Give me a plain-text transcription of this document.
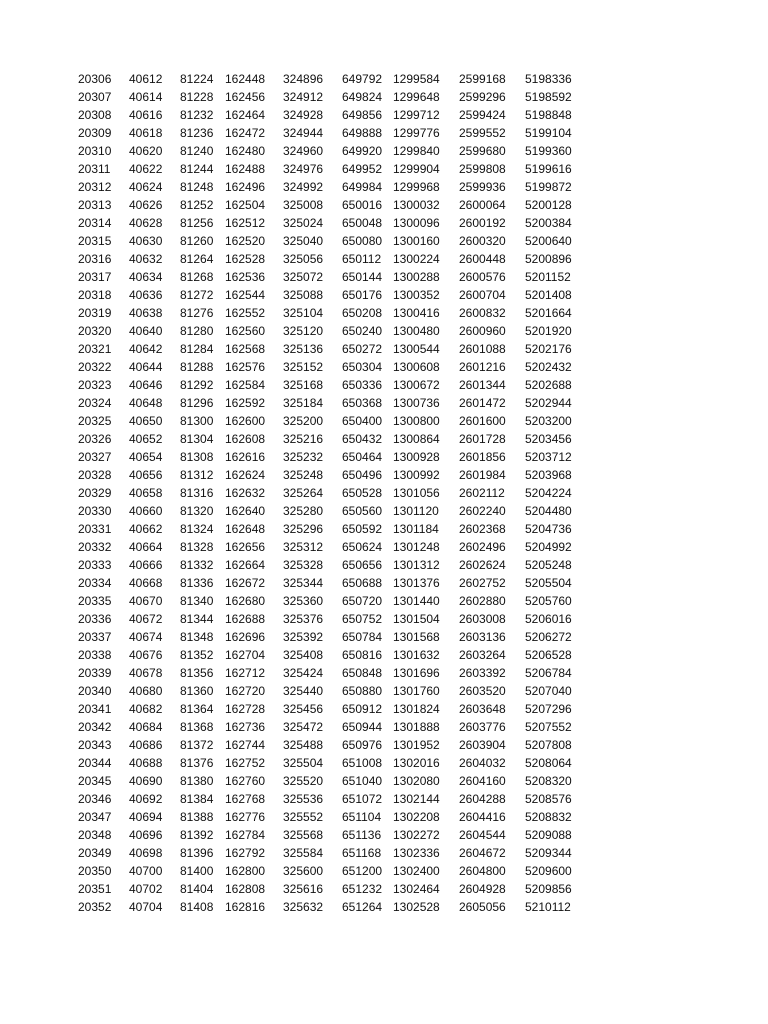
20306	40612	81224	162448	324896	649792	1299584	2599168	5198336
20307	40614	81228	162456	324912	649824	1299648	2599296	5198592
20308	40616	81232	162464	324928	649856	1299712	2599424	5198848
20309	40618	81236	162472	324944	649888	1299776	2599552	5199104
20310	40620	81240	162480	324960	649920	1299840	2599680	5199360
20311	40622	81244	162488	324976	649952	1299904	2599808	5199616
20312	40624	81248	162496	324992	649984	1299968	2599936	5199872
20313	40626	81252	162504	325008	650016	1300032	2600064	5200128
20314	40628	81256	162512	325024	650048	1300096	2600192	5200384
20315	40630	81260	162520	325040	650080	1300160	2600320	5200640
20316	40632	81264	162528	325056	650112	1300224	2600448	5200896
20317	40634	81268	162536	325072	650144	1300288	2600576	5201152
20318	40636	81272	162544	325088	650176	1300352	2600704	5201408
20319	40638	81276	162552	325104	650208	1300416	2600832	5201664
20320	40640	81280	162560	325120	650240	1300480	2600960	5201920
20321	40642	81284	162568	325136	650272	1300544	2601088	5202176
20322	40644	81288	162576	325152	650304	1300608	2601216	5202432
20323	40646	81292	162584	325168	650336	1300672	2601344	5202688
20324	40648	81296	162592	325184	650368	1300736	2601472	5202944
20325	40650	81300	162600	325200	650400	1300800	2601600	5203200
20326	40652	81304	162608	325216	650432	1300864	2601728	5203456
20327	40654	81308	162616	325232	650464	1300928	2601856	5203712
20328	40656	81312	162624	325248	650496	1300992	2601984	5203968
20329	40658	81316	162632	325264	650528	1301056	2602112	5204224
20330	40660	81320	162640	325280	650560	1301120	2602240	5204480
20331	40662	81324	162648	325296	650592	1301184	2602368	5204736
20332	40664	81328	162656	325312	650624	1301248	2602496	5204992
20333	40666	81332	162664	325328	650656	1301312	2602624	5205248
20334	40668	81336	162672	325344	650688	1301376	2602752	5205504
20335	40670	81340	162680	325360	650720	1301440	2602880	5205760
20336	40672	81344	162688	325376	650752	1301504	2603008	5206016
20337	40674	81348	162696	325392	650784	1301568	2603136	5206272
20338	40676	81352	162704	325408	650816	1301632	2603264	5206528
20339	40678	81356	162712	325424	650848	1301696	2603392	5206784
20340	40680	81360	162720	325440	650880	1301760	2603520	5207040
20341	40682	81364	162728	325456	650912	1301824	2603648	5207296
20342	40684	81368	162736	325472	650944	1301888	2603776	5207552
20343	40686	81372	162744	325488	650976	1301952	2603904	5207808
20344	40688	81376	162752	325504	651008	1302016	2604032	5208064
20345	40690	81380	162760	325520	651040	1302080	2604160	5208320
20346	40692	81384	162768	325536	651072	1302144	2604288	5208576
20347	40694	81388	162776	325552	651104	1302208	2604416	5208832
20348	40696	81392	162784	325568	651136	1302272	2604544	5209088
20349	40698	81396	162792	325584	651168	1302336	2604672	5209344
20350	40700	81400	162800	325600	651200	1302400	2604800	5209600
20351	40702	81404	162808	325616	651232	1302464	2604928	5209856
20352	40704	81408	162816	325632	651264	1302528	2605056	5210112
